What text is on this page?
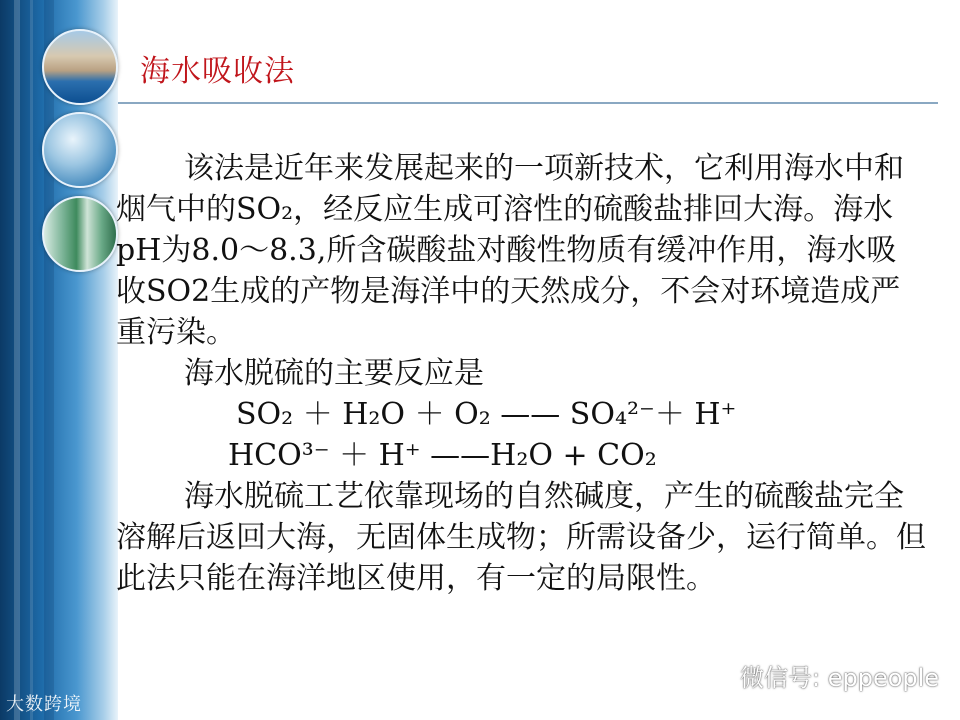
海水吸收法

该法是近年来发展起来的一项新技术，它利用海水中和烟气中的SO₂，经反应生成可溶性的硫酸盐排回大海。海水pH为8.0～8.3,所含碳酸盐对酸性物质有缓冲作用，海水吸收SO2生成的产物是海洋中的天然成分，不会对环境造成严重污染。

海水脱硫的主要反应是

SO₂ ＋ H₂O ＋ O₂ —— SO₄²⁻＋ H⁺

HCO³⁻ ＋ H⁺ ——H₂O + CO₂

海水脱硫工艺依靠现场的自然碱度，产生的硫酸盐完全溶解后返回大海，无固体生成物；所需设备少，运行简单。但此法只能在海洋地区使用，有一定的局限性。

大数跨境
微信号: eppeople
